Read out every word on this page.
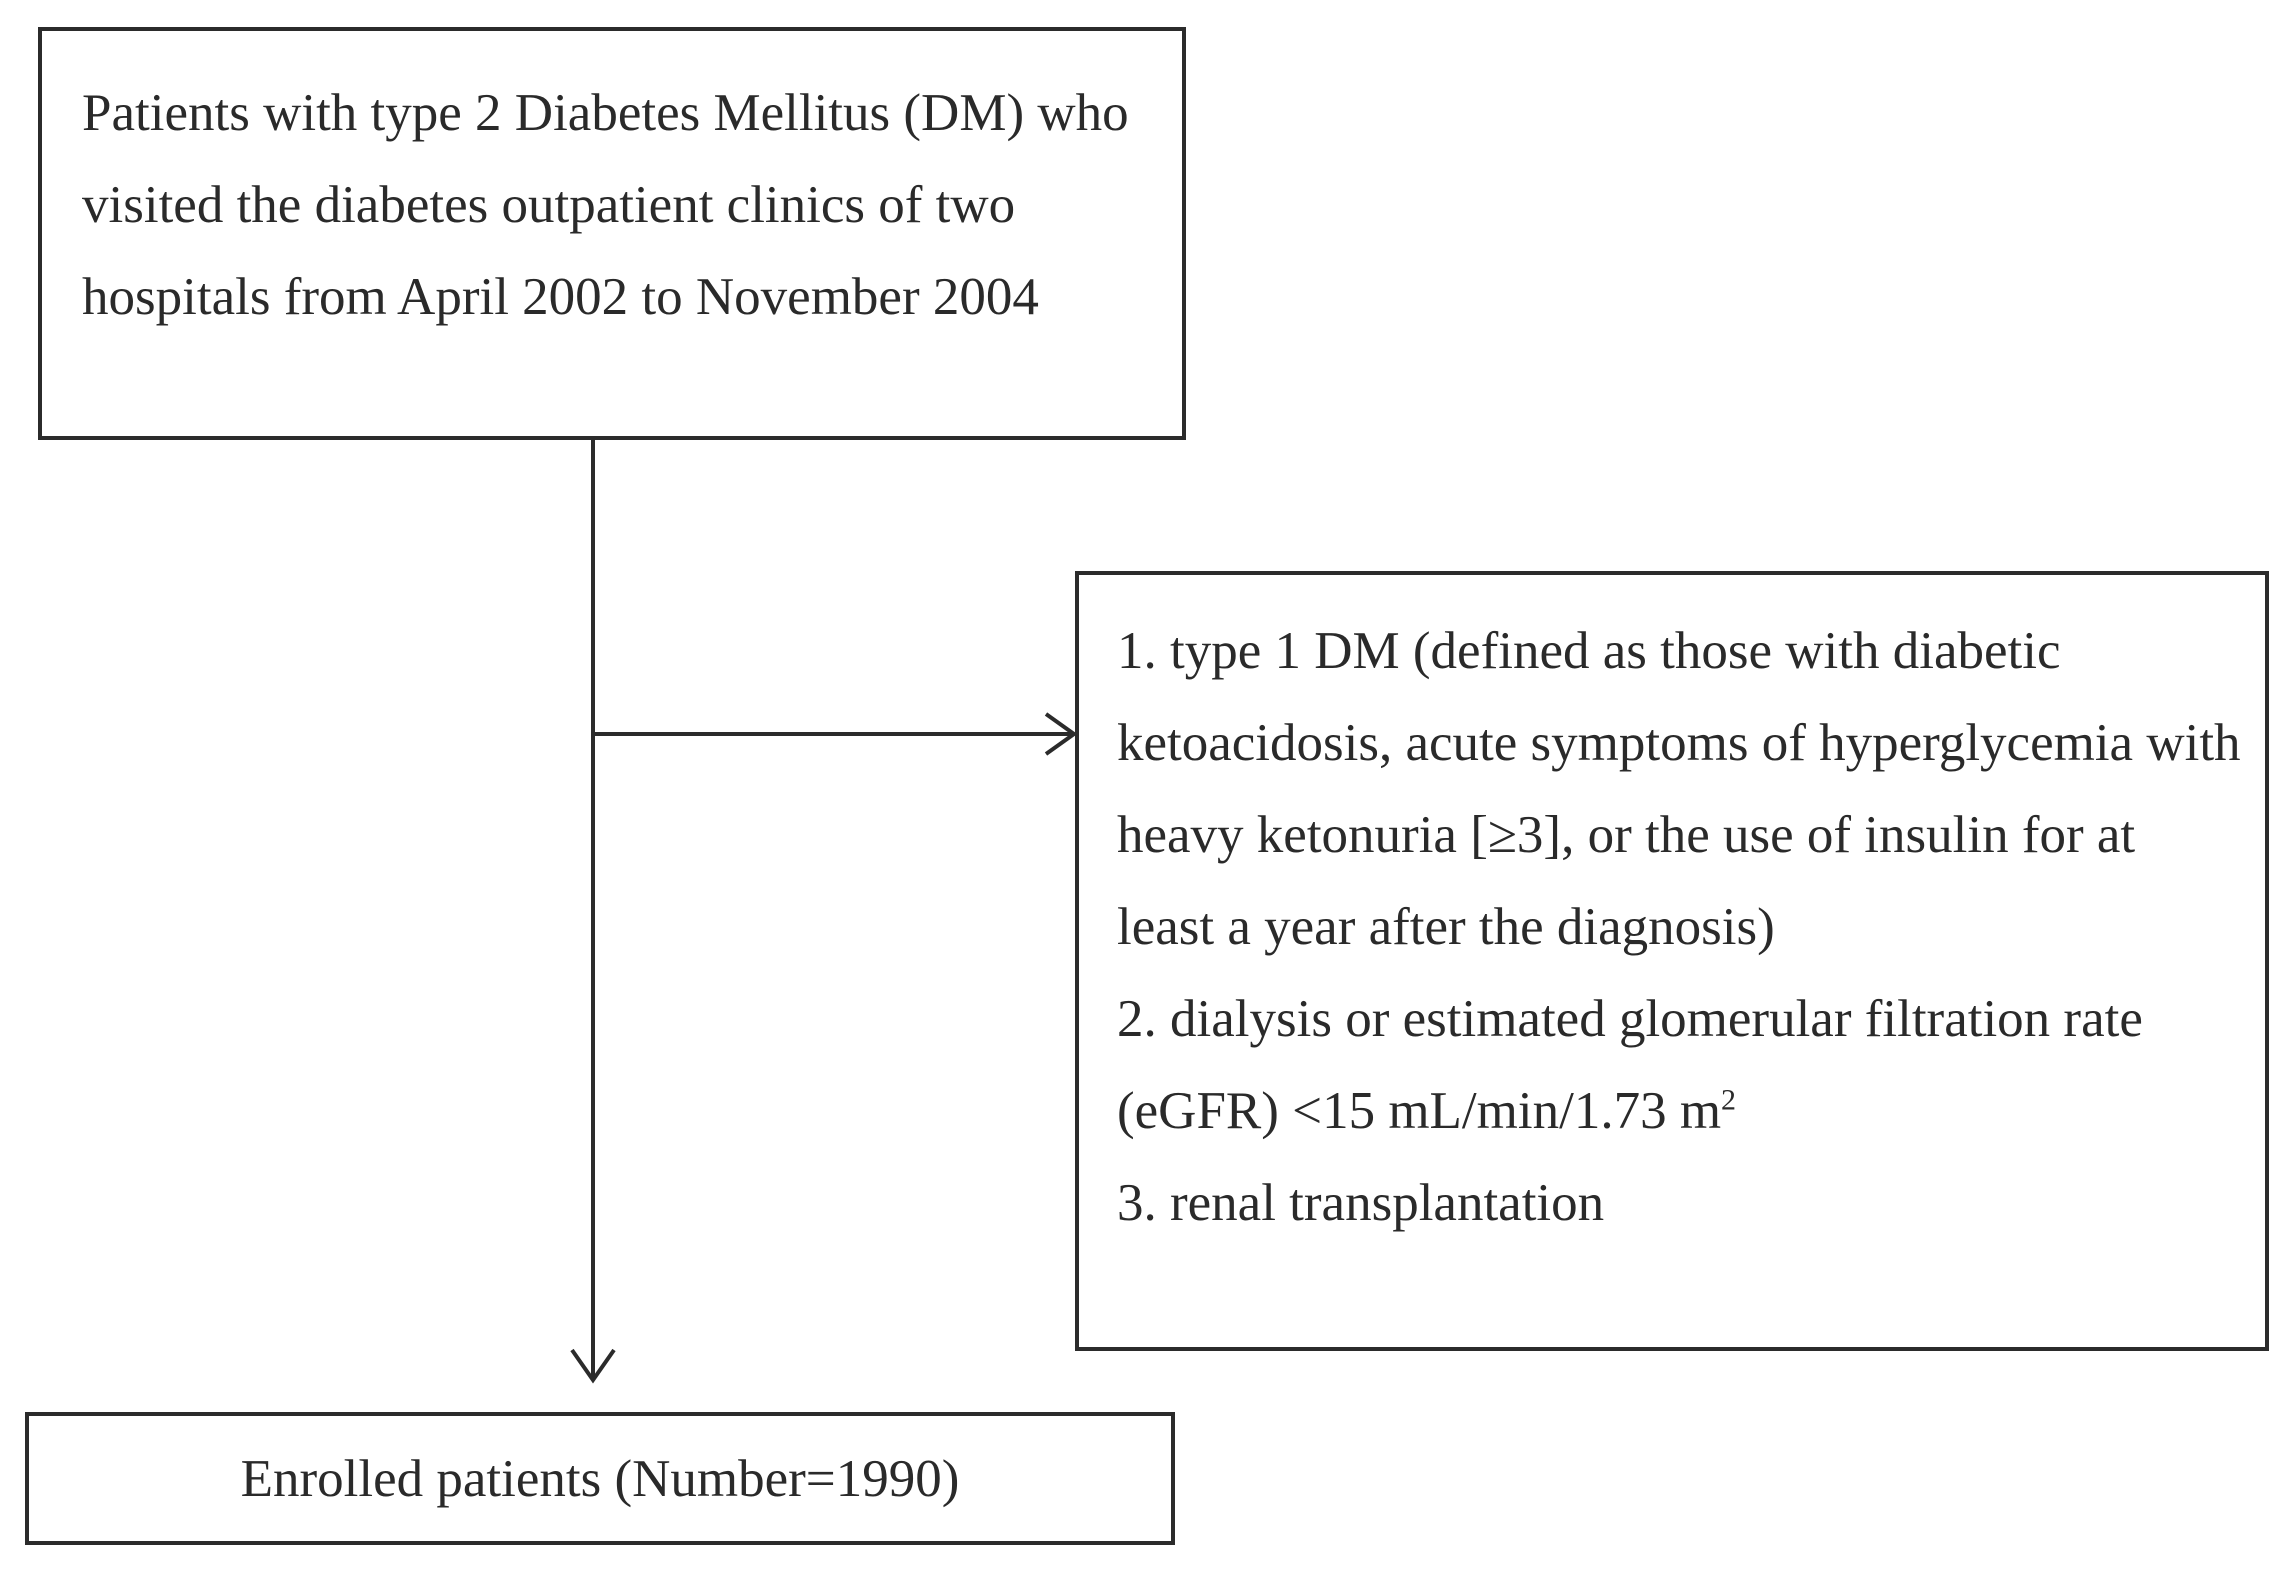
Patients with type 2 Diabetes Mellitus (DM) who visited the diabetes outpatient clinics of two hospitals from April 2002 to November 2004
1. type 1 DM (defined as those with diabetic ketoacidosis, acute symptoms of hyperglycemia with heavy ketonuria [≥3], or the use of insulin for at least a year after the diagnosis)
2. dialysis or estimated glomerular filtration rate (eGFR) <15 mL/min/1.73 $m^2$
3. renal transplantation
Enrolled patients (Number=1990)
